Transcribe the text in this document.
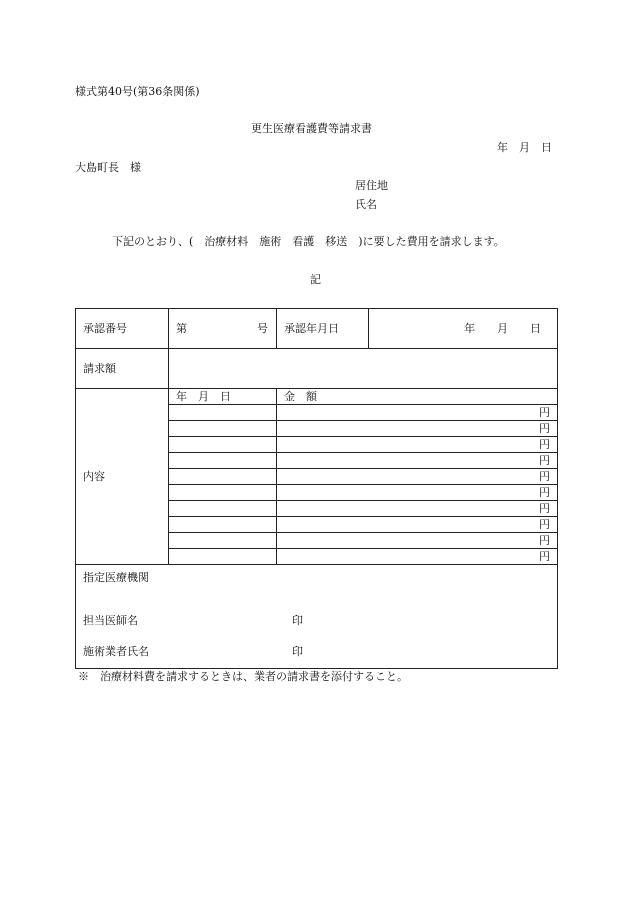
様式第40号(第36条関係)
更生医療看護費等請求書
年　月　日
大島町長　様
居住地
氏名
下記のとおり、(　治療材料　施術　看護　移送　)に要した費用を請求します。
記
承認番号	第 号	承認年月日	年　　月　　日
請求額			
内容	年　月　日	金　額	
		円	
		円	
		円	
		円	
		円	
		円	
		円	
		円	
		円	
		円	

指定医療機関
担当医師名 印
施術業者氏名 印			
※　治療材料費を請求するときは、業者の請求書を添付すること。
